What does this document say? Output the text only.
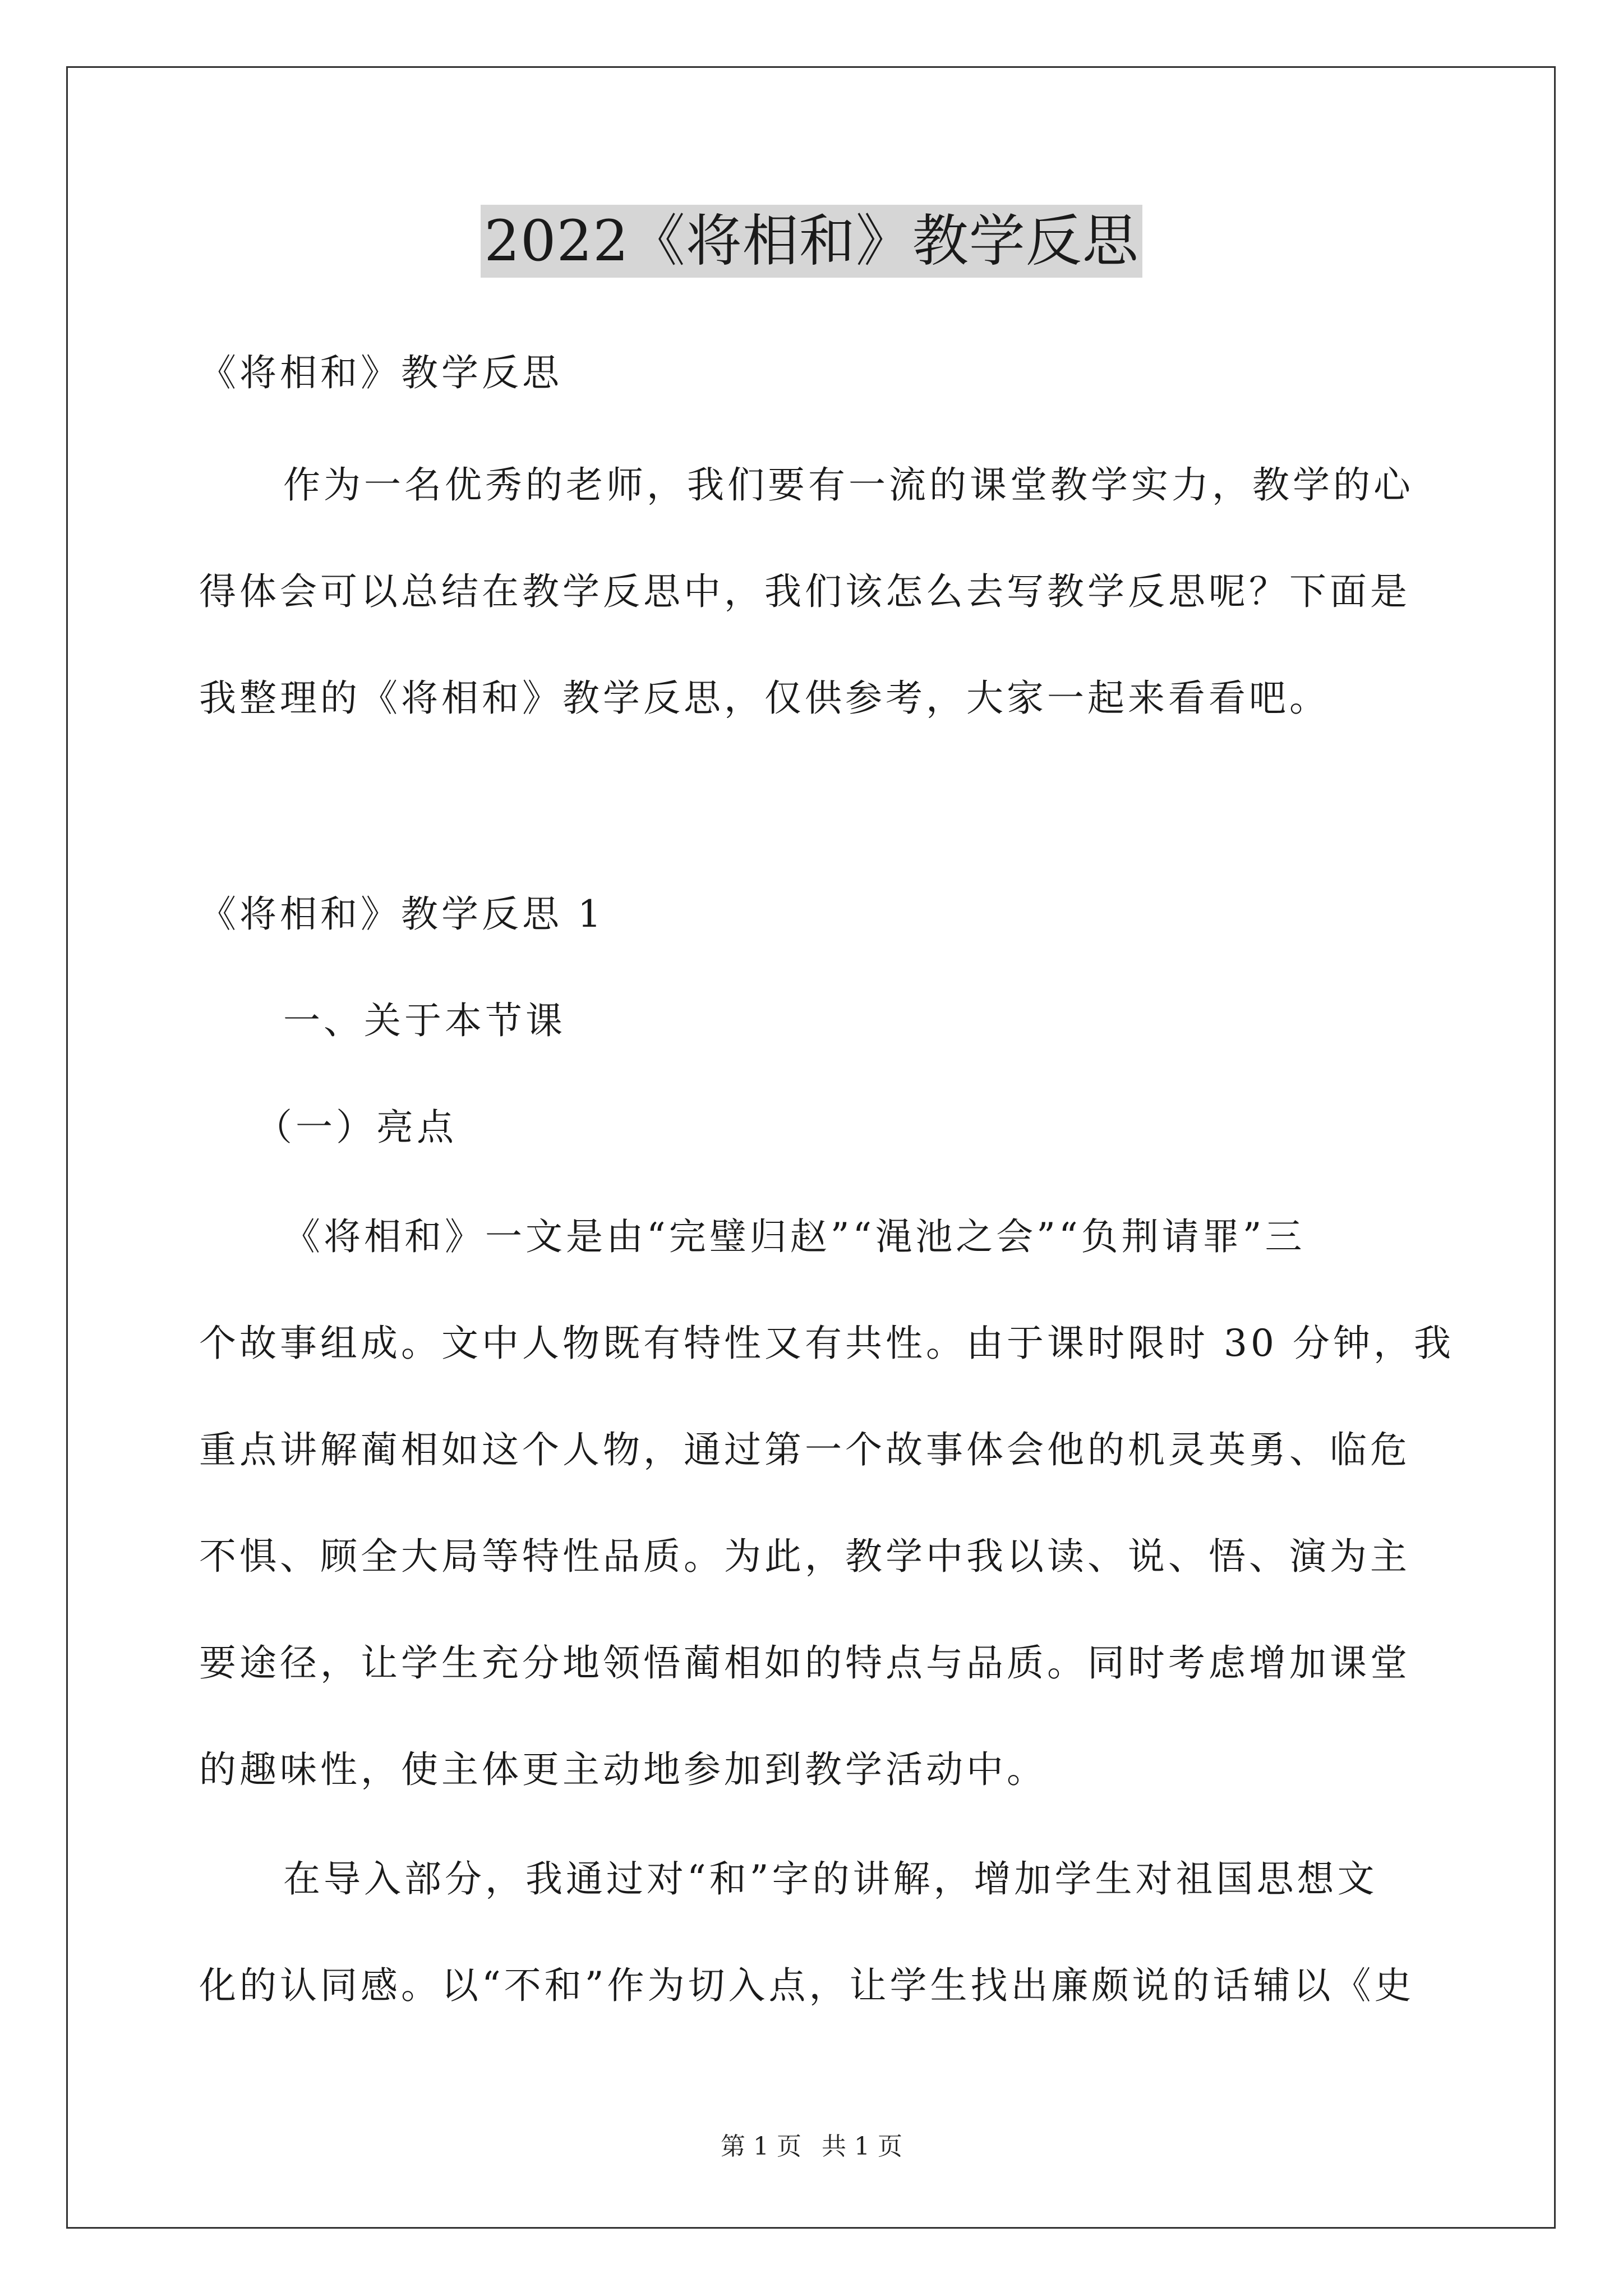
2022《将相和》教学反思
《将相和》教学反思
作为一名优秀的老师，我们要有一流的课堂教学实力，教学的心
得体会可以总结在教学反思中，我们该怎么去写教学反思呢？下面是
我整理的《将相和》教学反思，仅供参考，大家一起来看看吧。
《将相和》教学反思 1
一、关于本节课
（一）亮点
《将相和》一文是由“完璧归赵”“渑池之会”“负荆请罪”三
个故事组成。文中人物既有特性又有共性。由于课时限时 30 分钟，我
重点讲解蔺相如这个人物，通过第一个故事体会他的机灵英勇、临危
不惧、顾全大局等特性品质。为此，教学中我以读、说、悟、演为主
要途径，让学生充分地领悟蔺相如的特点与品质。同时考虑增加课堂
的趣味性，使主体更主动地参加到教学活动中。
在导入部分，我通过对“和”字的讲解，增加学生对祖国思想文
化的认同感。以“不和”作为切入点，让学生找出廉颇说的话辅以《史
第 1 页 共 1 页
